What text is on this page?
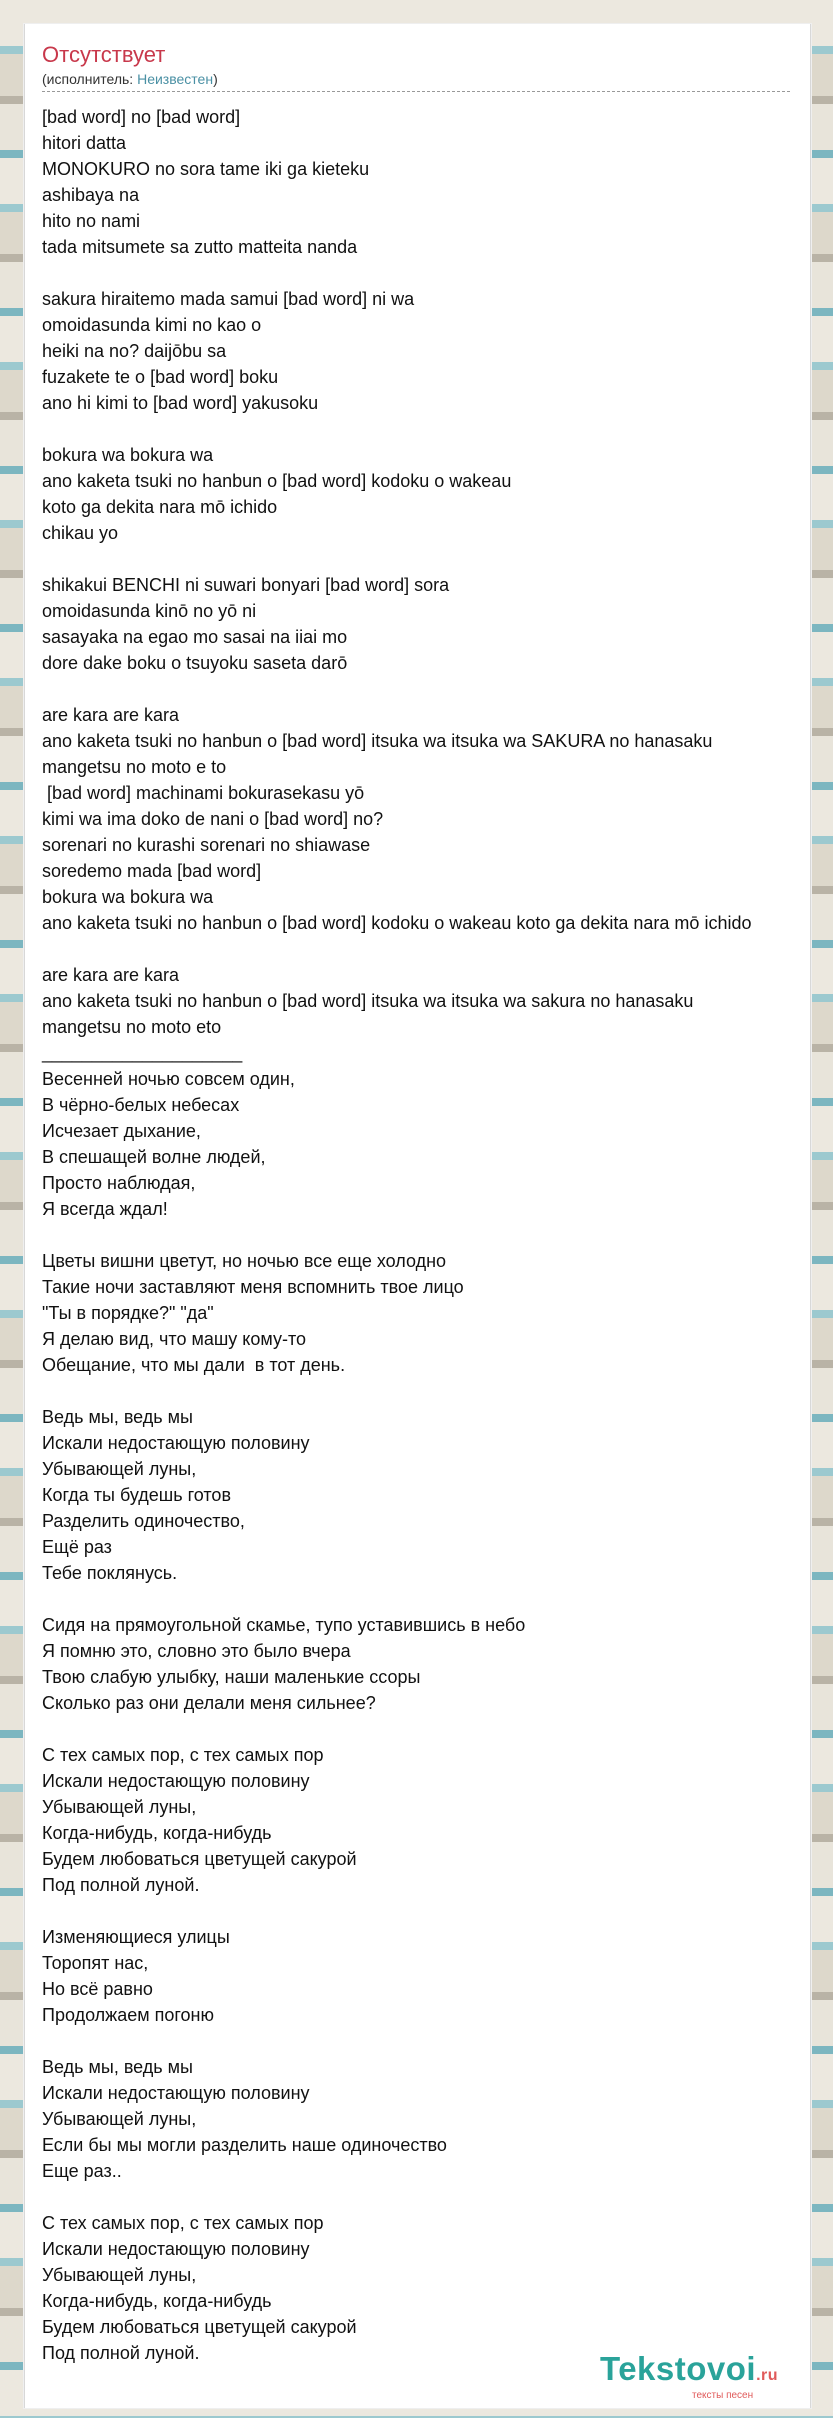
Отсутствует
(исполнитель: Неизвестен)
[bad word] no [bad word]
hitori datta
MONOKURO no sora tame iki ga kieteku
ashibaya na
hito no nami
tada mitsumete sa zutto matteita nanda
sakura hiraitemo mada samui [bad word] ni wa
omoidasunda kimi no kao o
heiki na no? daijōbu sa
fuzakete te o [bad word] boku
ano hi kimi to [bad word] yakusoku
bokura wa bokura wa
ano kaketa tsuki no hanbun o [bad word] kodoku o wakeau
koto ga dekita nara mō ichido
chikau yo
shikakui BENCHI ni suwari bonyari [bad word] sora
omoidasunda kinō no yō ni
sasayaka na egao mo sasai na iiai mo
dore dake boku o tsuyoku saseta darō
are kara are kara
ano kaketa tsuki no hanbun o [bad word] itsuka wa itsuka wa SAKURA no hanasaku
mangetsu no moto e to
[bad word] machinami bokurasekasu yō
kimi wa ima doko de nani o [bad word] no?
sorenari no kurashi sorenari no shiawase
soredemo mada [bad word]
bokura wa bokura wa
ano kaketa tsuki no hanbun o [bad word] kodoku o wakeau koto ga dekita nara mō ichido
are kara are kara
ano kaketa tsuki no hanbun o [bad word] itsuka wa itsuka wa sakura no hanasaku
mangetsu no moto eto
____________________
Весенней ночью совсем один,
В чёрно-белых небесах
Исчезает дыхание,
В спешащей волне людей,
Просто наблюдая,
Я всегда ждал!
Цветы вишни цветут, но ночью все еще холодно
Такие ночи заставляют меня вспомнить твое лицо
"Ты в порядке?" "да"
Я делаю вид, что машу кому-то
Обещание, что мы дали  в тот день.
Ведь мы, ведь мы
Искали недостающую половину
Убывающей луны,
Когда ты будешь готов
Разделить одиночество,
Ещё раз
Тебе поклянусь.
Сидя на прямоугольной скамье, тупо уставившись в небо
Я помню это, словно это было вчера
Твою слабую улыбку, наши маленькие ссоры
Сколько раз они делали меня сильнее?
С тех самых пор, с тех самых пор
Искали недостающую половину
Убывающей луны,
Когда-нибудь, когда-нибудь
Будем любоваться цветущей сакурой
Под полной луной.
Изменяющиеся улицы
Торопят нас,
Но всё равно
Продолжаем погоню
Ведь мы, ведь мы
Искали недостающую половину
Убывающей луны,
Если бы мы могли разделить наше одиночество
Еще раз..
С тех самых пор, с тех самых пор
Искали недостающую половину
Убывающей луны,
Когда-нибудь, когда-нибудь
Будем любоваться цветущей сакурой
Под полной луной.	Tekstovoi.ru
тексты песен
